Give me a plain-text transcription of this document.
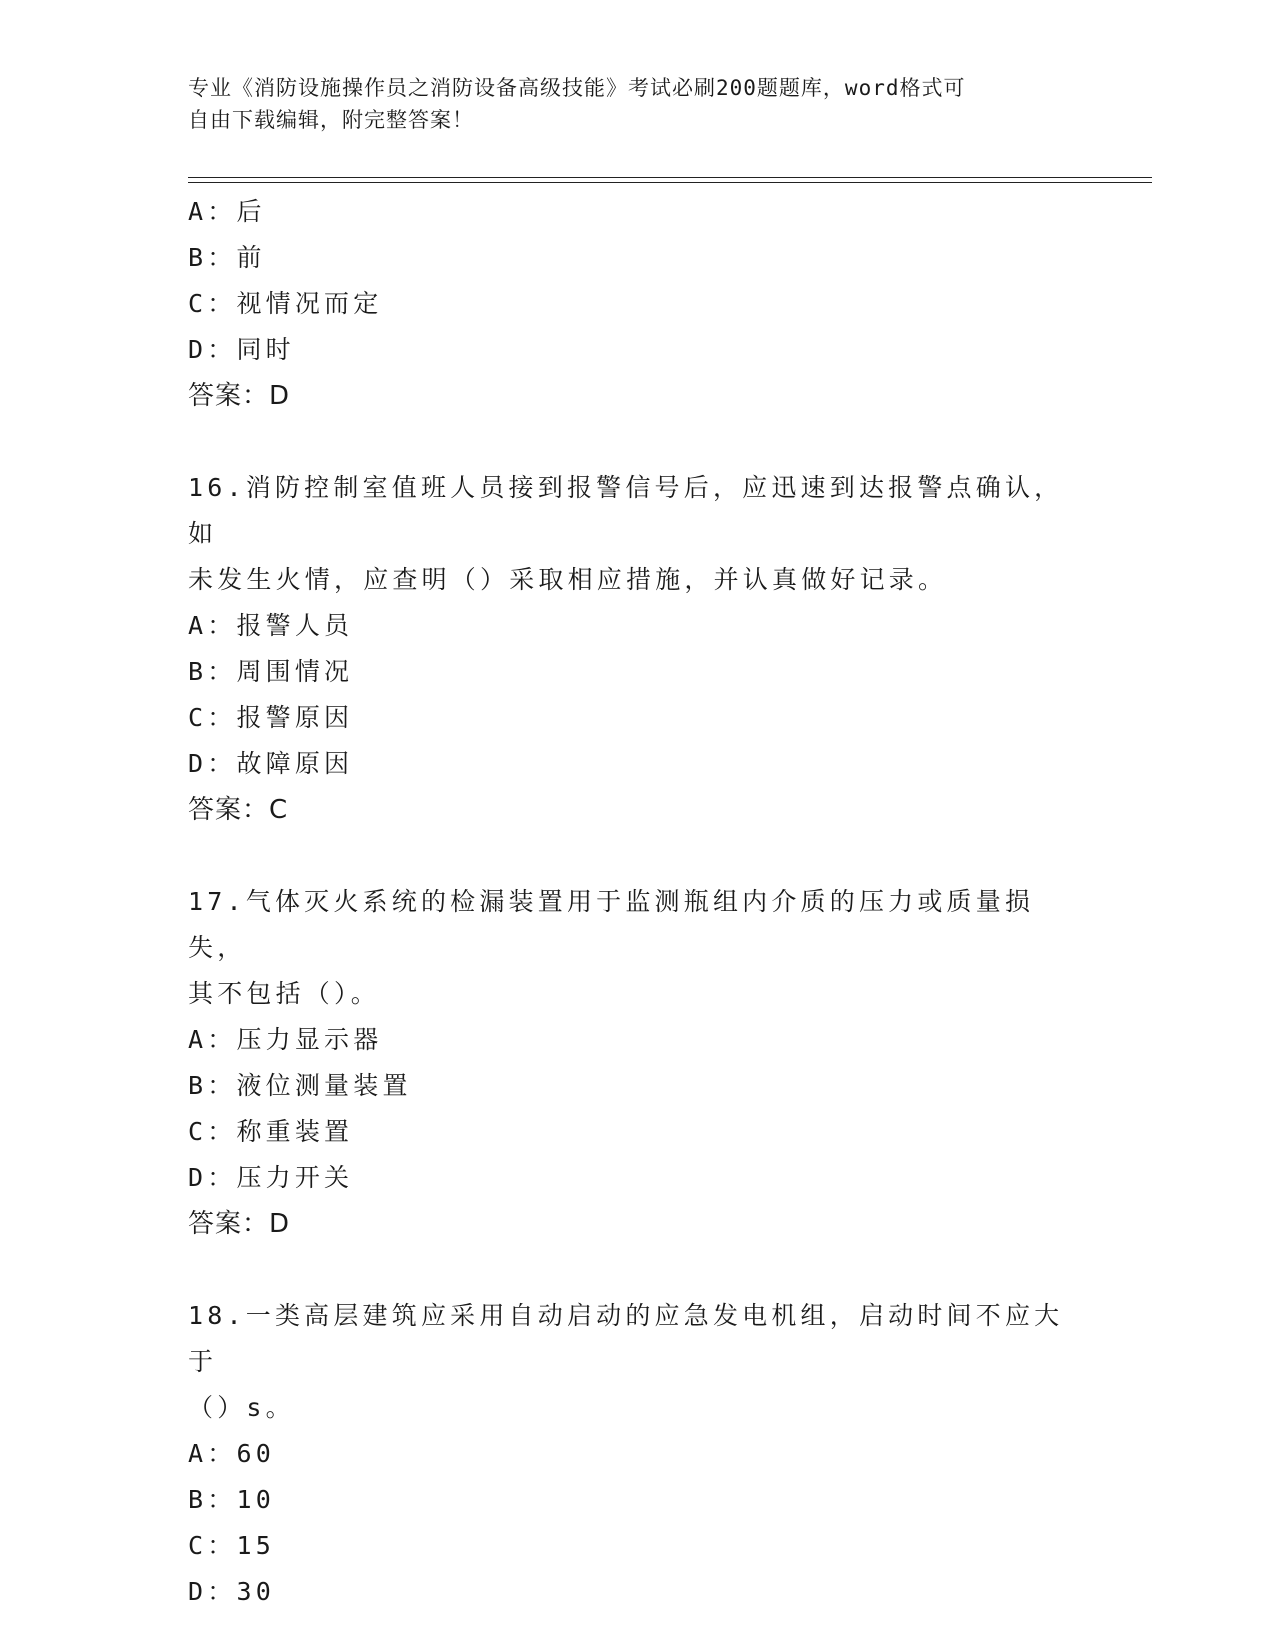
专业《消防设施操作员之消防设备高级技能》考试必刷200题题库，word格式可
自由下载编辑，附完整答案！
A：后
B：前
C：视情况而定
D：同时
答案：D
16.消防控制室值班人员接到报警信号后，应迅速到达报警点确认，如
未发生火情，应查明（）采取相应措施，并认真做好记录。
A：报警人员
B：周围情况
C：报警原因
D：故障原因
答案：C
17.气体灭火系统的检漏装置用于监测瓶组内介质的压力或质量损失，
其不包括（）。
A：压力显示器
B：液位测量装置
C：称重装置
D：压力开关
答案：D
18.一类高层建筑应采用自动启动的应急发电机组，启动时间不应大于
（）s。
A：60
B：10
C：15
D：30
